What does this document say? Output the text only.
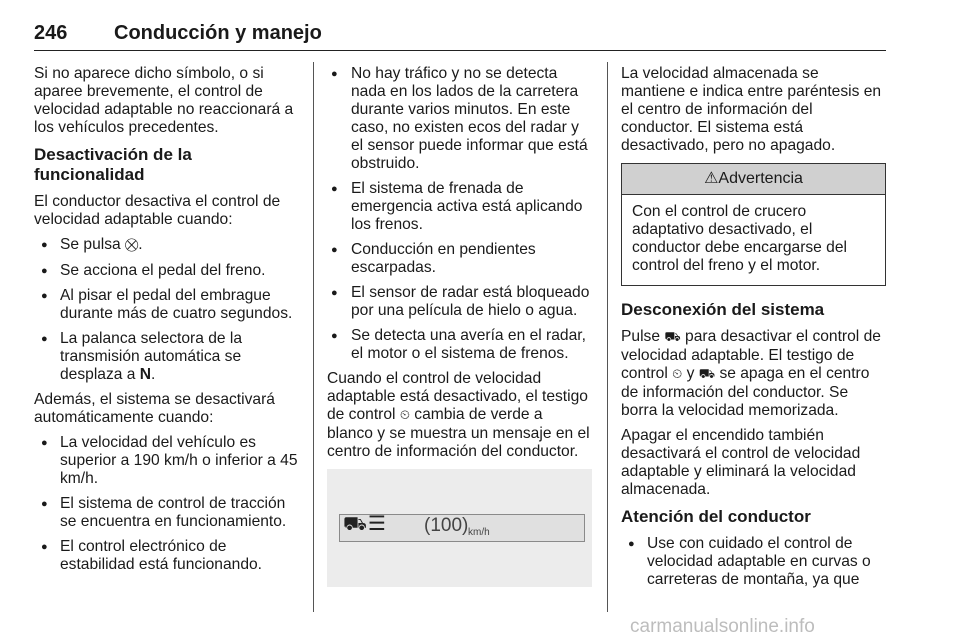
246 Conducción y manejo

Si no aparece dicho símbolo, o si aparee brevemente, el control de velocidad adaptable no reaccionará a los vehículos precedentes.

Desactivación de la funcionalidad

El conductor desactiva el control de velocidad adaptable cuando:

● Se pulsa ⛒.
● Se acciona el pedal del freno.
● Al pisar el pedal del embrague durante más de cuatro segundos.
● La palanca selectora de la transmisión automática se desplaza a N.

Además, el sistema se desactivará automáticamente cuando:

● La velocidad del vehículo es superior a 190 km/h o inferior a 45 km/h.
● El sistema de control de tracción se encuentra en funcionamiento.
● El control electrónico de estabilidad está funcionando.
● No hay tráfico y no se detecta nada en los lados de la carretera durante varios minutos. En este caso, no existen ecos del radar y el sensor puede informar que está obstruido.
● El sistema de frenada de emergencia activa está aplicando los frenos.
● Conducción en pendientes escarpadas.
● El sensor de radar está bloqueado por una película de hielo o agua.
● Se detecta una avería en el radar, el motor o el sistema de frenos.

Cuando el control de velocidad adaptable está desactivado, el testigo de control ⏲ cambia de verde a blanco y se muestra un mensaje en el centro de información del conductor.

⛟ ☰ (100) km/h

La velocidad almacenada se mantiene e indica entre paréntesis en el centro de información del conductor. El sistema está desactivado, pero no apagado.

⚠Advertencia
Con el control de crucero adaptativo desactivado, el conductor debe encargarse del control del freno y el motor.
Desconexión del sistema

Pulse ⛟ para desactivar el control de velocidad adaptable. El testigo de control ⏲ y ⛟ se apaga en el centro de información del conductor. Se borra la velocidad memorizada.

Apagar el encendido también desactivará el control de velocidad adaptable y eliminará la velocidad almacenada.

Atención del conductor
● Use con cuidado el control de velocidad adaptable en curvas o carreteras de montaña, ya que
carmanualsonline.info
